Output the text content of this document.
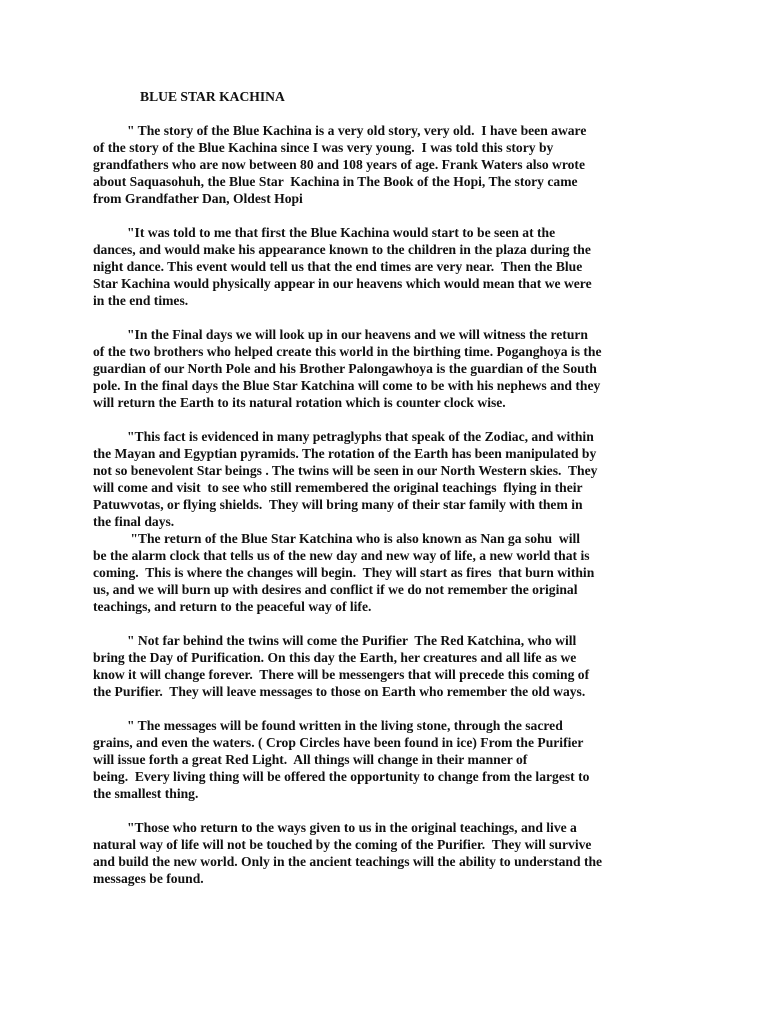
BLUE STAR KACHINA
" The story of the Blue Kachina is a very old story, very old.  I have been aware
of the story of the Blue Kachina since I was very young.  I was told this story by
grandfathers who are now between 80 and 108 years of age. Frank Waters also wrote
about Saquasohuh, the Blue Star  Kachina in The Book of the Hopi, The story came
from Grandfather Dan, Oldest Hopi
"It was told to me that first the Blue Kachina would start to be seen at the
dances, and would make his appearance known to the children in the plaza during the
night dance. This event would tell us that the end times are very near.  Then the Blue
Star Kachina would physically appear in our heavens which would mean that we were
in the end times.
"In the Final days we will look up in our heavens and we will witness the return
of the two brothers who helped create this world in the birthing time. Poganghoya is the
guardian of our North Pole and his Brother Palongawhoya is the guardian of the South
pole. In the final days the Blue Star Katchina will come to be with his nephews and they
will return the Earth to its natural rotation which is counter clock wise.
"This fact is evidenced in many petraglyphs that speak of the Zodiac, and within
the Mayan and Egyptian pyramids. The rotation of the Earth has been manipulated by
not so benevolent Star beings . The twins will be seen in our North Western skies.  They
will come and visit  to see who still remembered the original teachings  flying in their
Patuwvotas, or flying shields.  They will bring many of their star family with them in
the final days.
"The return of the Blue Star Katchina who is also known as Nan ga sohu  will
be the alarm clock that tells us of the new day and new way of life, a new world that is
coming.  This is where the changes will begin.  They will start as fires  that burn within
us, and we will burn up with desires and conflict if we do not remember the original
teachings, and return to the peaceful way of life.
" Not far behind the twins will come the Purifier  The Red Katchina, who will
bring the Day of Purification. On this day the Earth, her creatures and all life as we
know it will change forever.  There will be messengers that will precede this coming of
the Purifier.  They will leave messages to those on Earth who remember the old ways.
" The messages will be found written in the living stone, through the sacred
grains, and even the waters. ( Crop Circles have been found in ice) From the Purifier
will issue forth a great Red Light.  All things will change in their manner of
being.  Every living thing will be offered the opportunity to change from the largest to
the smallest thing.
"Those who return to the ways given to us in the original teachings, and live a
natural way of life will not be touched by the coming of the Purifier.  They will survive
and build the new world. Only in the ancient teachings will the ability to understand the
messages be found.
